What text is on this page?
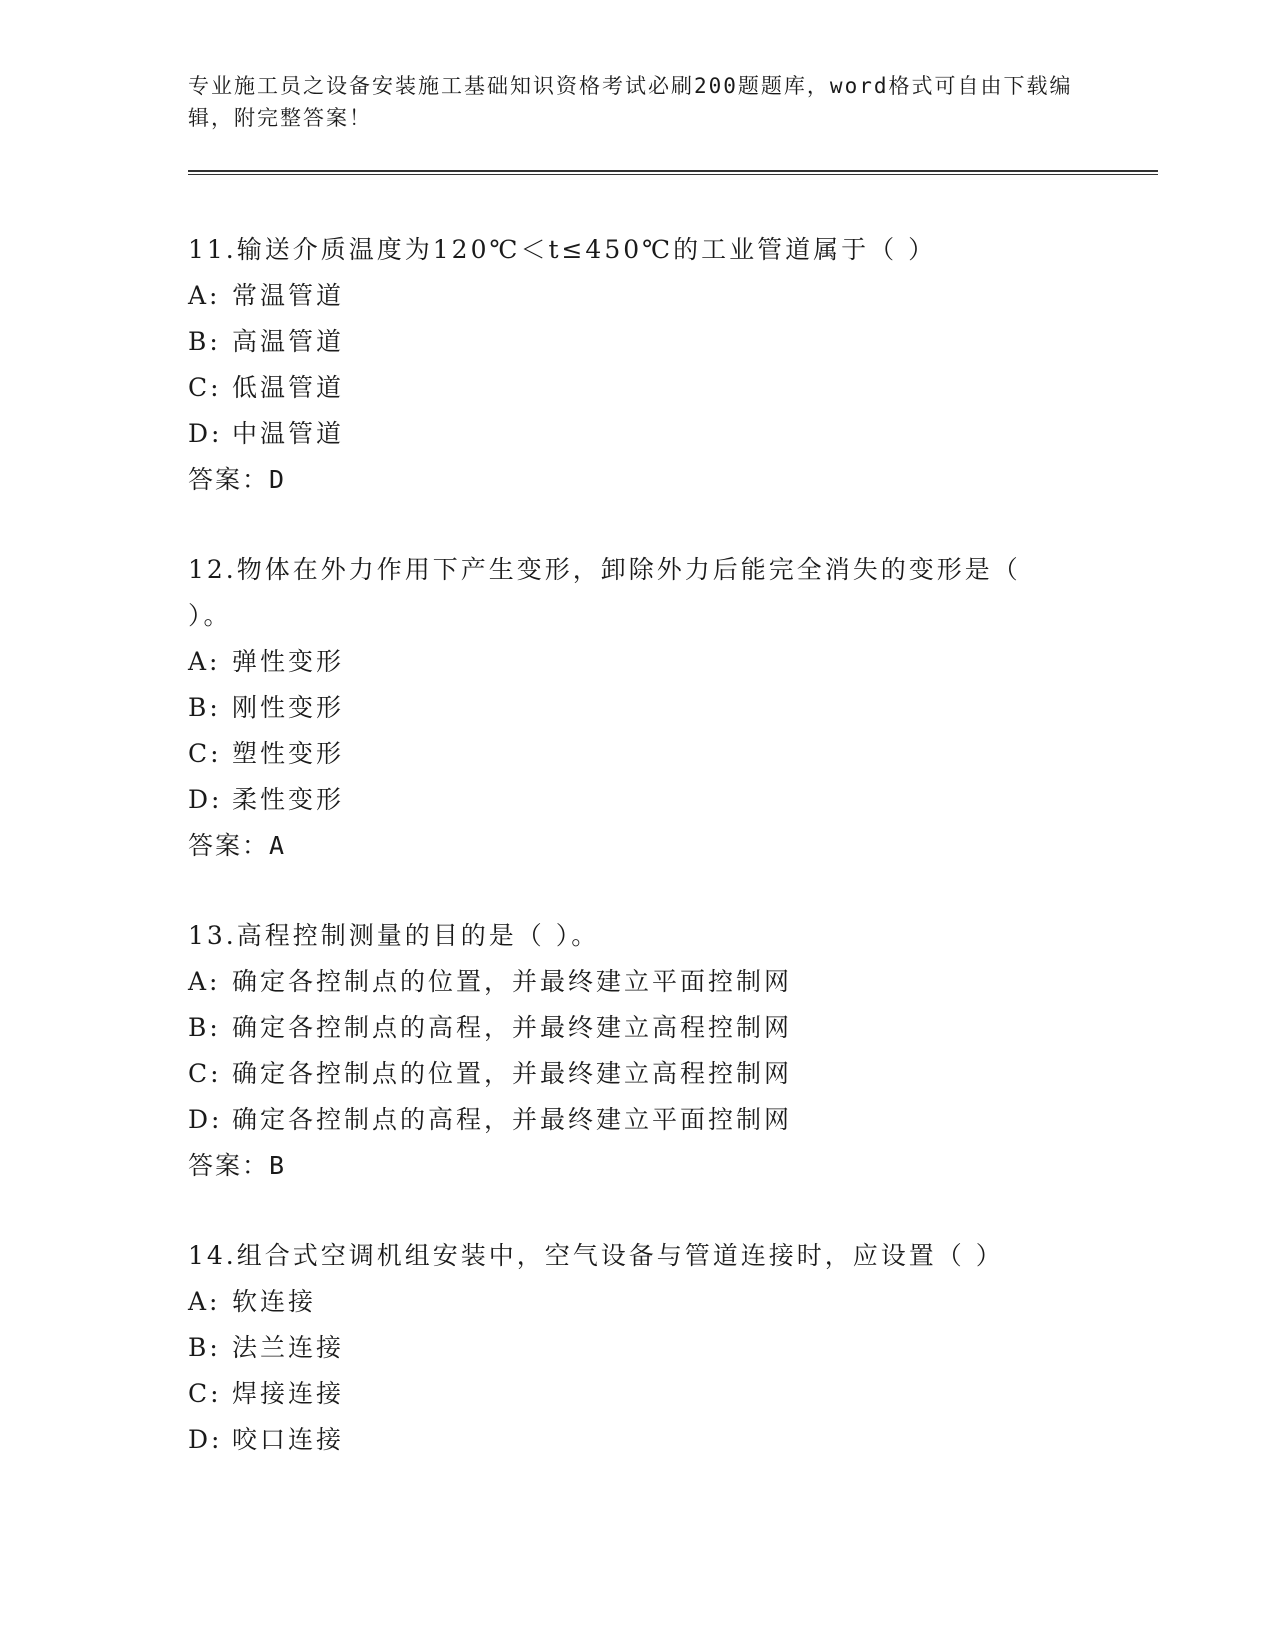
专业施工员之设备安装施工基础知识资格考试必刷200题题库，word格式可自由下载编辑，附完整答案！

11.输送介质温度为120℃＜t≤450℃的工业管道属于（ ）

A: 常温管道

B: 高温管道

C: 低温管道

D: 中温管道

答案：D

12.物体在外力作用下产生变形，卸除外力后能完全消失的变形是（ ）。

A: 弹性变形

B: 刚性变形

C: 塑性变形

D: 柔性变形

答案：A

13.高程控制测量的目的是（ ）。

A: 确定各控制点的位置，并最终建立平面控制网

B: 确定各控制点的高程，并最终建立高程控制网

C: 确定各控制点的位置，并最终建立高程控制网

D: 确定各控制点的高程，并最终建立平面控制网

答案：B

14.组合式空调机组安装中，空气设备与管道连接时，应设置（ ）

A: 软连接

B: 法兰连接

C: 焊接连接

D: 咬口连接
